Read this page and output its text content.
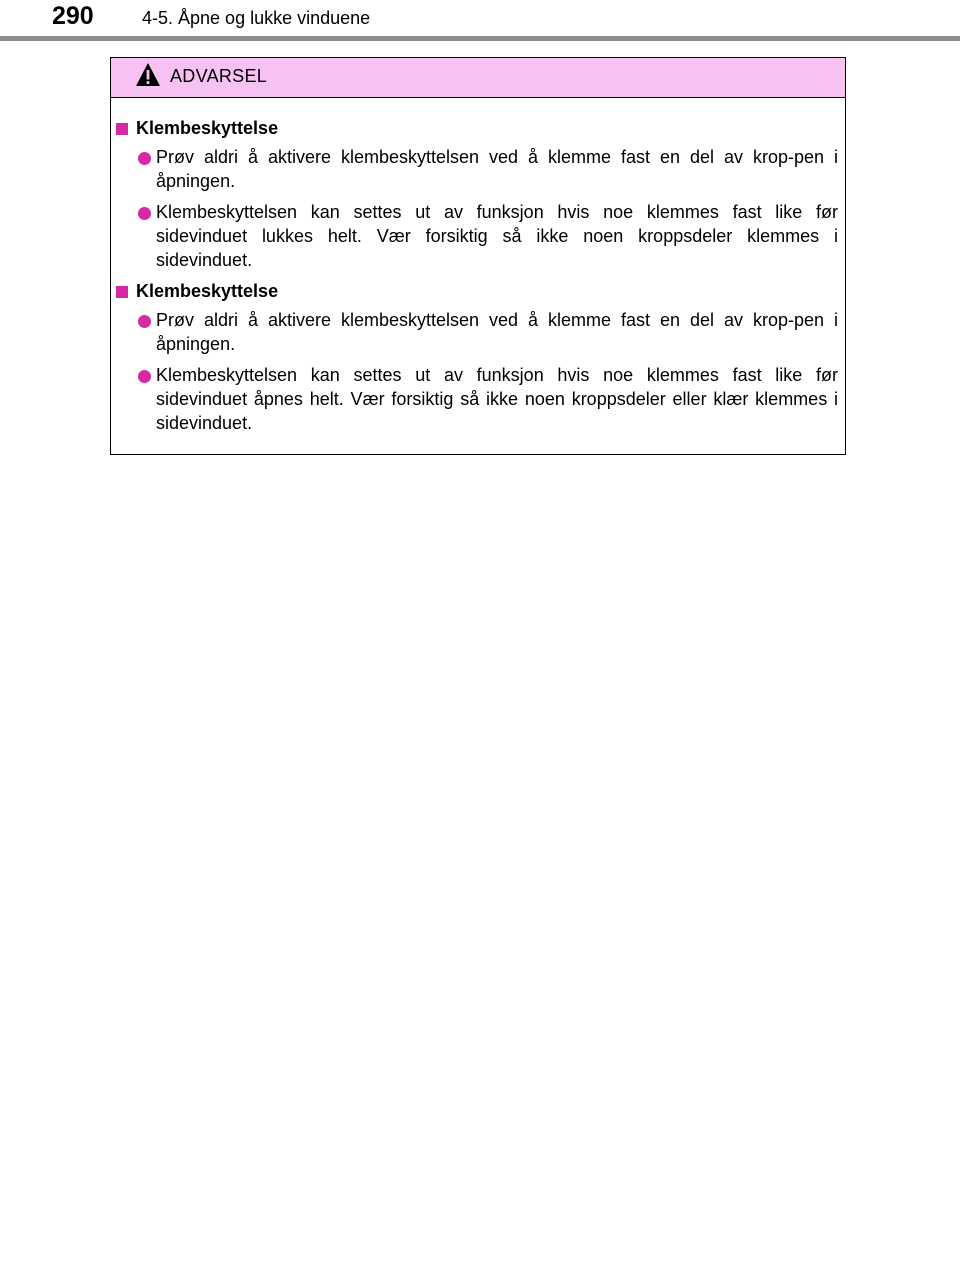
290	4-5. Åpne og lukke vinduene
ADVARSEL
Klembeskyttelse
Prøv aldri å aktivere klembeskyttelsen ved å klemme fast en del av krop-pen i åpningen.
Klembeskyttelsen kan settes ut av funksjon hvis noe klemmes fast like før sidevinduet lukkes helt. Vær forsiktig så ikke noen kroppsdeler klemmes i sidevinduet.
Klembeskyttelse
Prøv aldri å aktivere klembeskyttelsen ved å klemme fast en del av krop-pen i åpningen.
Klembeskyttelsen kan settes ut av funksjon hvis noe klemmes fast like før sidevinduet åpnes helt. Vær forsiktig så ikke noen kroppsdeler eller klær klemmes i sidevinduet.
